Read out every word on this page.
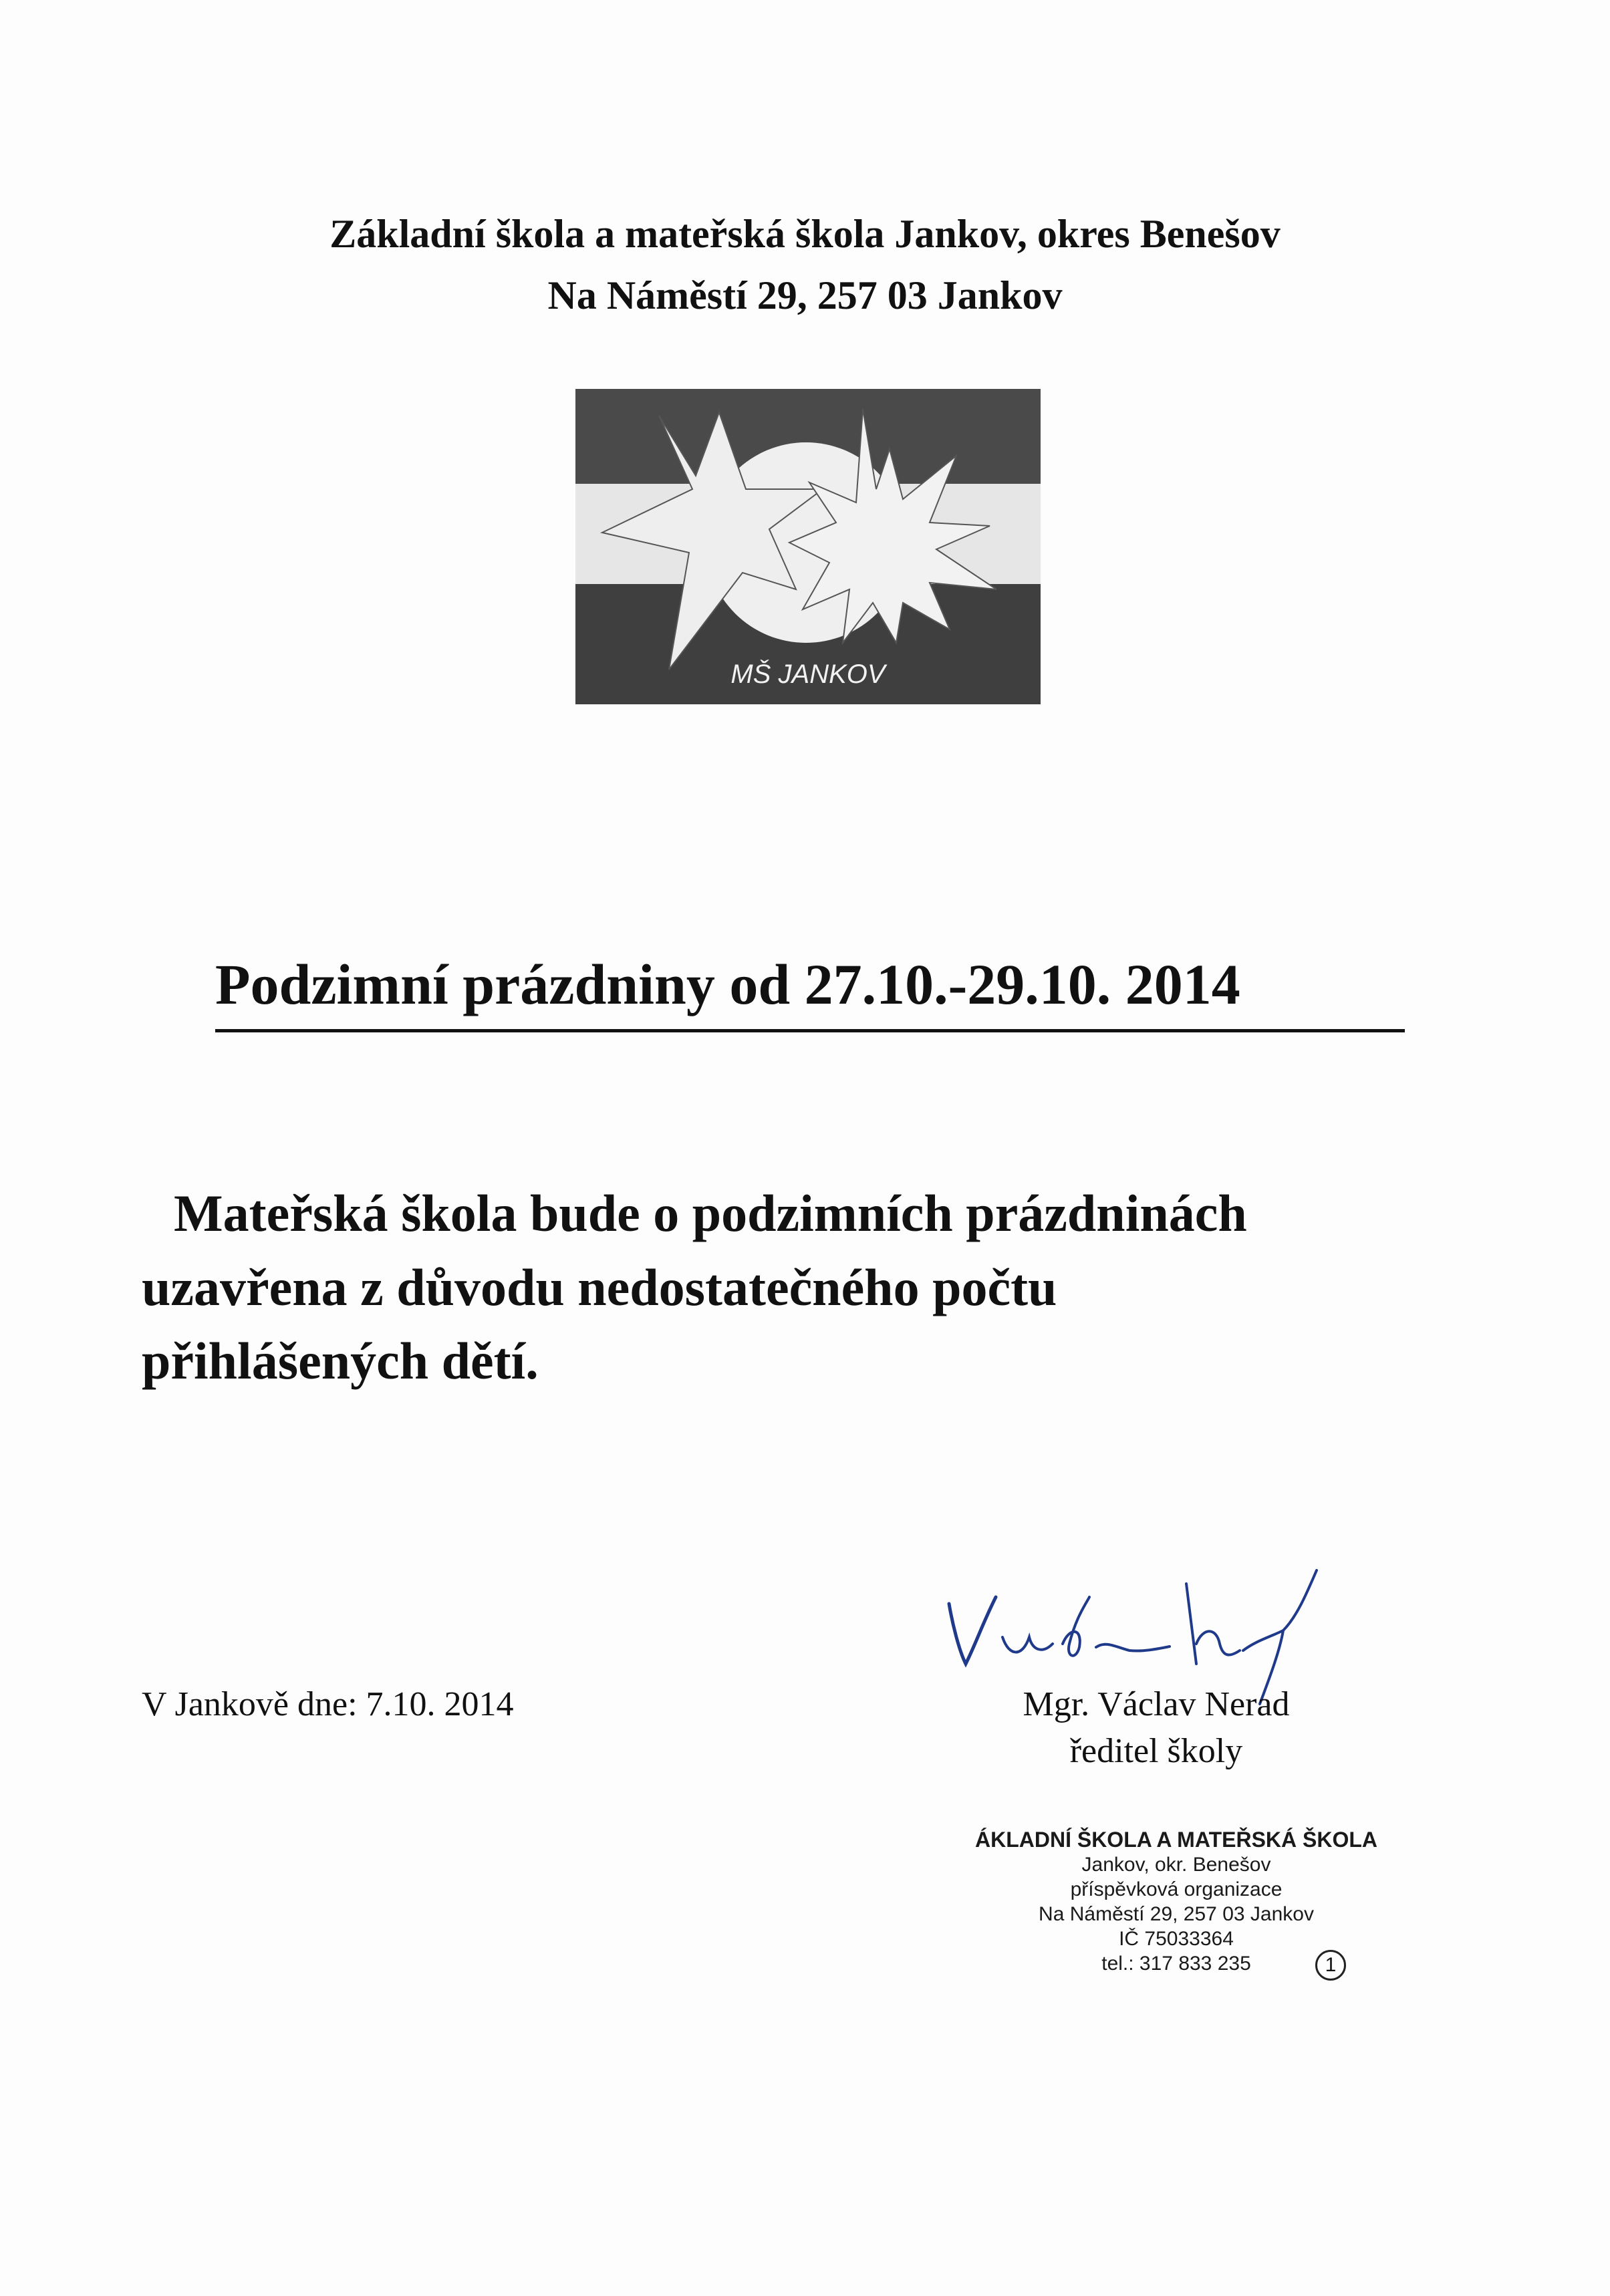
Základní škola a mateřská škola Jankov, okres Benešov
Na Náměstí 29, 257 03 Jankov
MŠ JANKOV
Podzimní prázdniny od 27.10.-29.10. 2014
Mateřská škola bude o podzimních prázdninách
uzavřena z důvodu nedostatečného počtu
přihlášených dětí.
V Jankově dne: 7.10. 2014	Mgr. Václav Nerad
ředitel školy
ÁKLADNÍ ŠKOLA A MATEŘSKÁ ŠKOLA
Jankov, okr. Benešov
příspěvková organizace
Na Náměstí 29, 257 03 Jankov
IČ 75033364
tel.: 317 833 235	1
